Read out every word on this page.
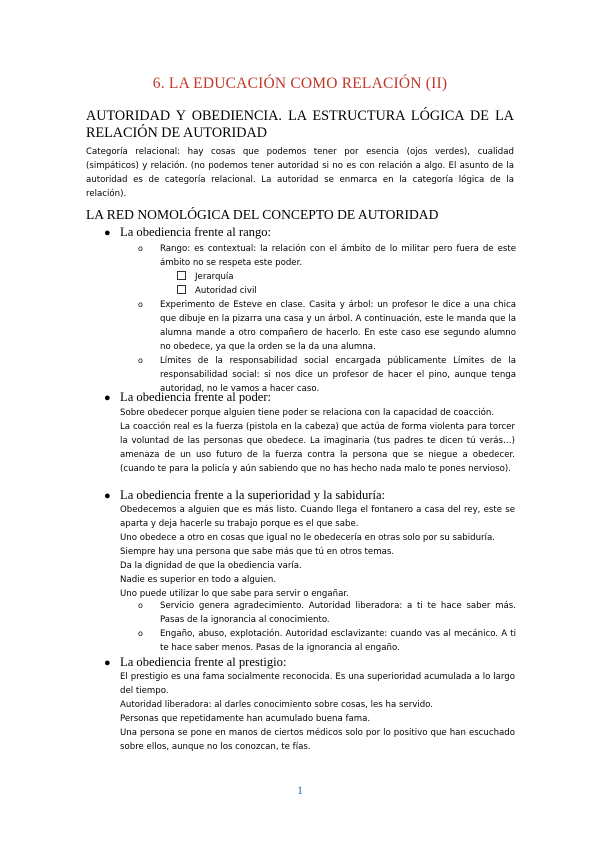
6. LA EDUCACIÓN COMO RELACIÓN (II)
AUTORIDAD Y OBEDIENCIA. LA ESTRUCTURA LÓGICA DE LA RELACIÓN DE AUTORIDAD
Categoría relacional: hay cosas que podemos tener por esencia (ojos verdes), cualidad (simpáticos) y relación. (no podemos tener autoridad si no es con relación a algo. El asunto de la autoridad es de categoría relacional. La autoridad se enmarca en la categoría lógica de la relación).
LA RED NOMOLÓGICA DEL CONCEPTO DE AUTORIDAD
● La obediencia frente al rango:
o	Rango: es contextual: la relación con el ámbito de lo militar pero fuera de este ámbito no se respeta este poder.
Jerarquía
Autoridad civil
o	Experimento de Esteve en clase. Casita y árbol: un profesor le dice a una chica que dibuje en la pizarra una casa y un árbol. A continuación, este le manda que la alumna mande a otro compañero de hacerlo. En este caso ese segundo alumno no obedece, ya que la orden se la da una alumna.
o	Límites de la responsabilidad social encargada públicamente Límites de la responsabilidad social: si nos dice un profesor de hacer el pino, aunque tenga autoridad, no le vamos a hacer caso.
● La obediencia frente al poder:

Sobre obedecer porque alguien tiene poder se relaciona con la capacidad de coacción.

La coacción real es la fuerza (pistola en la cabeza) que actúa de forma violenta para torcer la voluntad de las personas que obedece. La imaginaria (tus padres te dicen tú verás…) amenaza de un uso futuro de la fuerza contra la persona que se niegue a obedecer. (cuando te para la policía y aún sabiendo que no has hecho nada malo te pones nervioso).

● La obediencia frente a la superioridad y la sabiduría:

Obedecemos a alguien que es más listo. Cuando llega el fontanero a casa del rey, este se aparta y deja hacerle su trabajo porque es el que sabe.

Uno obedece a otro en cosas que igual no le obedecería en otras solo por su sabiduría.

Siempre hay una persona que sabe más que tú en otros temas.

Da la dignidad de que la obediencia varía.

Nadie es superior en todo a alguien.

Uno puede utilizar lo que sabe para servir o engañar.

o	Servicio genera agradecimiento. Autoridad liberadora: a ti te hace saber más. Pasas de la ignorancia al conocimiento.
o	Engaño, abuso, explotación. Autoridad esclavizante: cuando vas al mecánico. A ti te hace saber menos. Pasas de la ignorancia al engaño.
● La obediencia frente al prestigio:

El prestigio es una fama socialmente reconocida. Es una superioridad acumulada a lo largo del tiempo.

Autoridad liberadora: al darles conocimiento sobre cosas, les ha servido.

Personas que repetidamente han acumulado buena fama.

Una persona se pone en manos de ciertos médicos solo por lo positivo que han escuchado sobre ellos, aunque no los conozcan, te fías.

1
